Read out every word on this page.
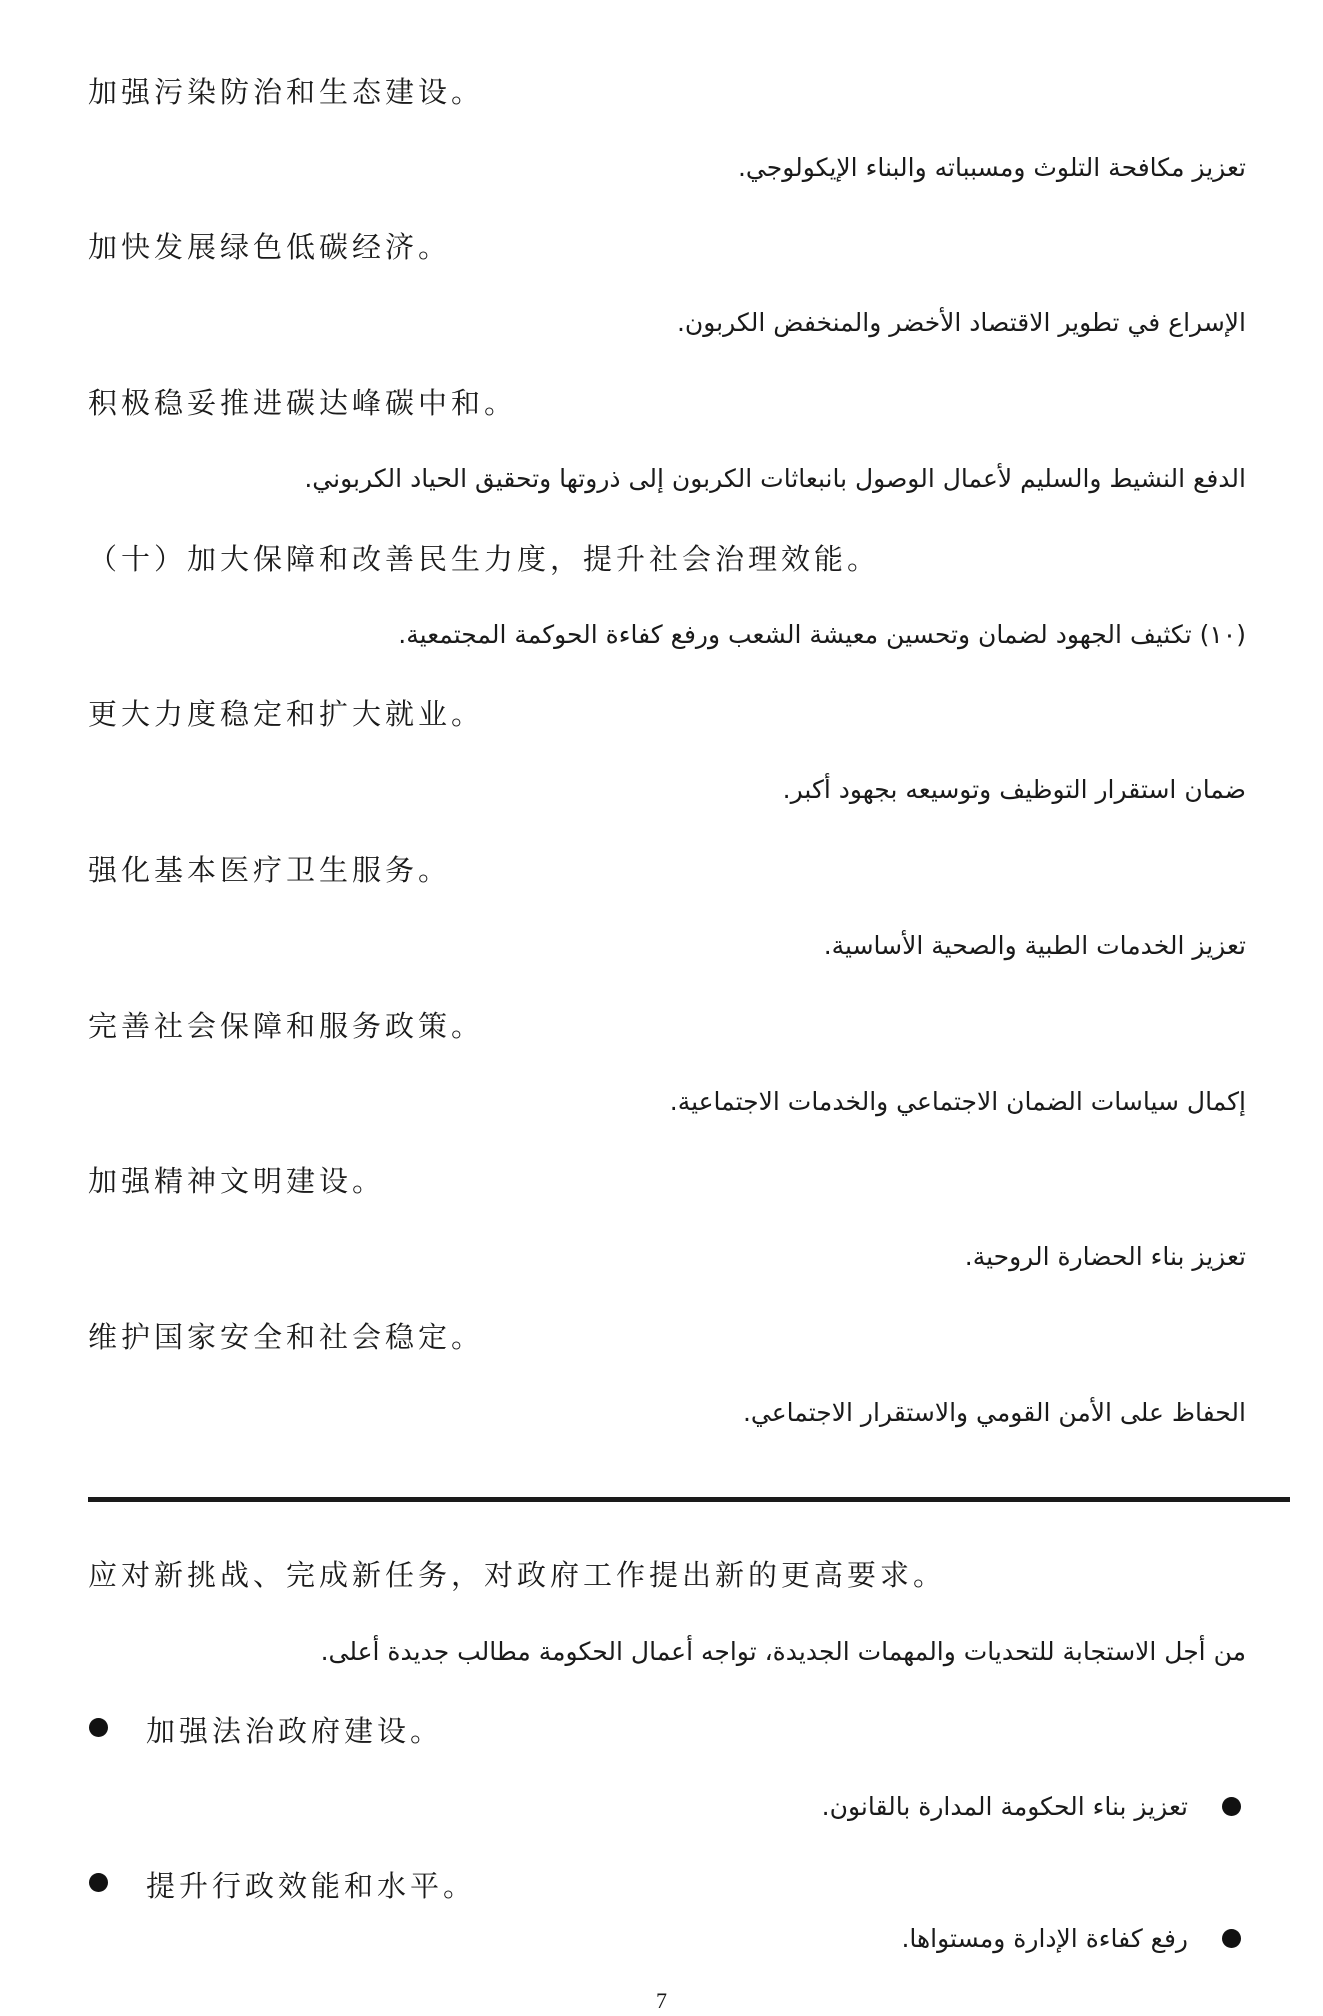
加强污染防治和生态建设。
تعزيز مكافحة التلوث ومسبباته والبناء الإيكولوجي.
加快发展绿色低碳经济。
الإسراع في تطوير الاقتصاد الأخضر والمنخفض الكربون.
积极稳妥推进碳达峰碳中和。
الدفع النشيط والسليم لأعمال الوصول بانبعاثات الكربون إلى ذروتها وتحقيق الحياد الكربوني.
（十）加大保障和改善民生力度，提升社会治理效能。
(١٠) تكثيف الجهود لضمان وتحسين معيشة الشعب ورفع كفاءة الحوكمة المجتمعية.
更大力度稳定和扩大就业。
ضمان استقرار التوظيف وتوسيعه بجهود أكبر.
强化基本医疗卫生服务。
تعزيز الخدمات الطبية والصحية الأساسية.
完善社会保障和服务政策。
إكمال سياسات الضمان الاجتماعي والخدمات الاجتماعية.
加强精神文明建设。
تعزيز بناء الحضارة الروحية.
维护国家安全和社会稳定。
الحفاظ على الأمن القومي والاستقرار الاجتماعي.
应对新挑战、完成新任务，对政府工作提出新的更高要求。
من أجل الاستجابة للتحديات والمهمات الجديدة، تواجه أعمال الحكومة مطالب جديدة أعلى.
加强法治政府建设。
تعزيز بناء الحكومة المدارة بالقانون.
提升行政效能和水平。
رفع كفاءة الإدارة ومستواها.
7
